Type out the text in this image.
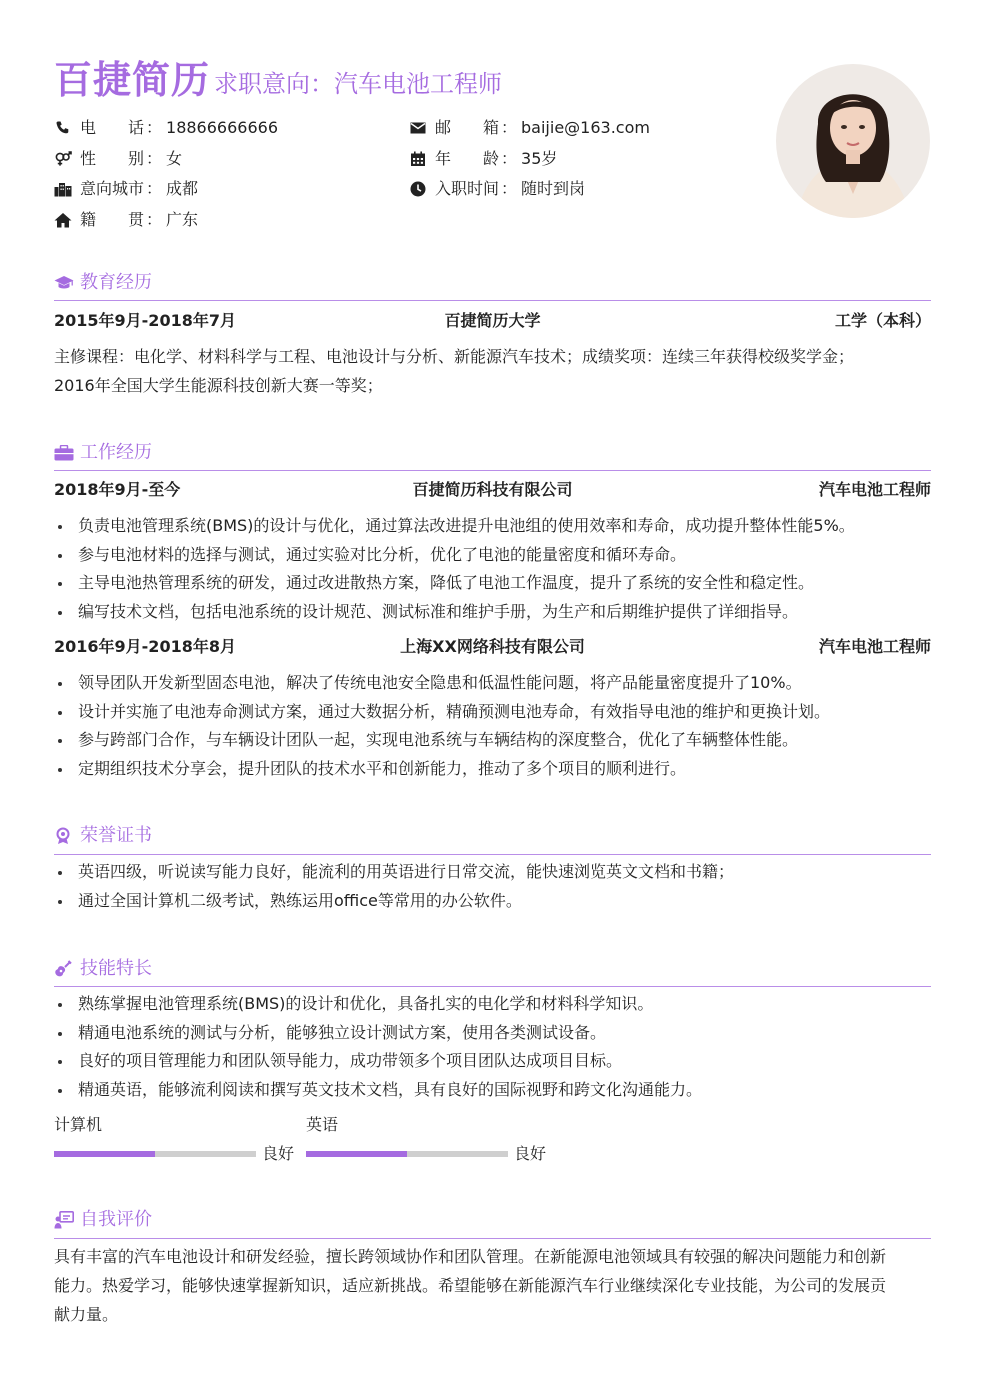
百捷简历 求职意向：汽车电池工程师
电话 ： 18866666666	邮箱 ： baijie@163.com
性别 ： 女	年龄 ： 35岁
意向城市 ： 成都	入职时间 ： 随时到岗
籍贯 ： 广东
教育经历
2015年9月-2018年7月	百捷简历大学	工学（本科）
主修课程：电化学、材料科学与工程、电池设计与分析、新能源汽车技术；成绩奖项：连续三年获得校级奖学金；
2016年全国大学生能源科技创新大赛一等奖；
工作经历
2018年9月-至今	百捷简历科技有限公司	汽车电池工程师
负责电池管理系统(BMS)的设计与优化，通过算法改进提升电池组的使用效率和寿命，成功提升整体性能5%。
参与电池材料的选择与测试，通过实验对比分析，优化了电池的能量密度和循环寿命。
主导电池热管理系统的研发，通过改进散热方案，降低了电池工作温度，提升了系统的安全性和稳定性。
编写技术文档，包括电池系统的设计规范、测试标准和维护手册，为生产和后期维护提供了详细指导。
2016年9月-2018年8月	上海XX网络科技有限公司	汽车电池工程师
领导团队开发新型固态电池，解决了传统电池安全隐患和低温性能问题，将产品能量密度提升了10%。
设计并实施了电池寿命测试方案，通过大数据分析，精确预测电池寿命，有效指导电池的维护和更换计划。
参与跨部门合作，与车辆设计团队一起，实现电池系统与车辆结构的深度整合，优化了车辆整体性能。
定期组织技术分享会，提升团队的技术水平和创新能力，推动了多个项目的顺利进行。
荣誉证书
英语四级，听说读写能力良好，能流利的用英语进行日常交流，能快速浏览英文文档和书籍；
通过全国计算机二级考试，熟练运用office等常用的办公软件。
技能特长
熟练掌握电池管理系统(BMS)的设计和优化，具备扎实的电化学和材料科学知识。
精通电池系统的测试与分析，能够独立设计测试方案，使用各类测试设备。
良好的项目管理能力和团队领导能力，成功带领多个项目团队达成项目目标。
精通英语，能够流利阅读和撰写英文技术文档，具有良好的国际视野和跨文化沟通能力。
计算机
良好
英语
良好
自我评价
具有丰富的汽车电池设计和研发经验，擅长跨领域协作和团队管理。在新能源电池领域具有较强的解决问题能力和创新
能力。热爱学习，能够快速掌握新知识，适应新挑战。希望能够在新能源汽车行业继续深化专业技能，为公司的发展贡
献力量。
